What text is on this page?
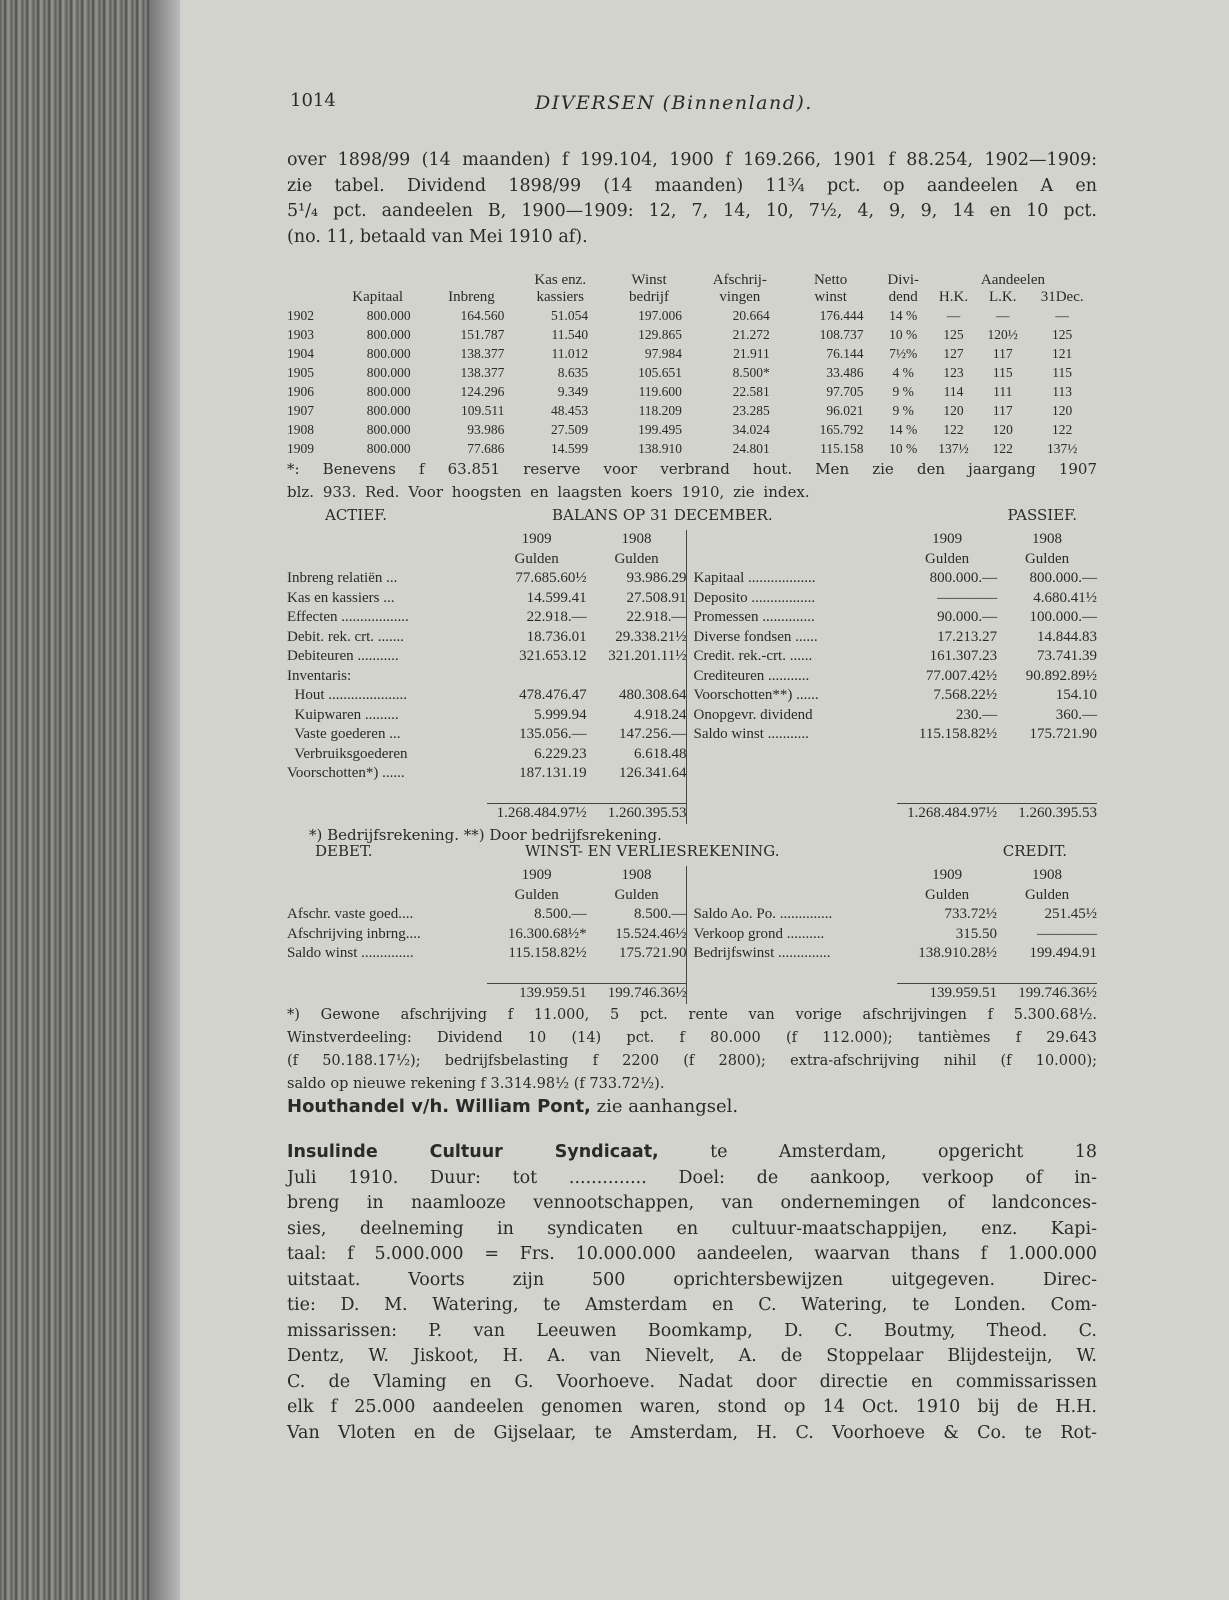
1014	DIVERSEN (Binnenland).
over 1898/99 (14 maanden) f 199.104, 1900 f 169.266, 1901 f 88.254, 1902—1909:
zie tabel. Dividend 1898/99 (14 maanden) 11¾ pct. op aandeelen A en
5¹/₄ pct. aandeelen B, 1900—1909: 12, 7, 14, 10, 7½, 4, 9, 9, 14 en 10 pct.
(no. 11, betaald van Mei 1910 af).
			Kas enz.	Winst	Afschrij-	Netto	Divi-	Aandeelen		
	Kapitaal	Inbreng	kassiers	bedrijf	vingen	winst	dend	H.K.	L.K.	31Dec.
1902	800.000	164.560	51.054	197.006	20.664	176.444	14 %	—	—	—
1903	800.000	151.787	11.540	129.865	21.272	108.737	10 %	125	120½	125
1904	800.000	138.377	11.012	97.984	21.911	76.144	7½%	127	117	121
1905	800.000	138.377	8.635	105.651	8.500*	33.486	4 %	123	115	115
1906	800.000	124.296	9.349	119.600	22.581	97.705	9 %	114	111	113
1907	800.000	109.511	48.453	118.209	23.285	96.021	9 %	120	117	120
1908	800.000	93.986	27.509	199.495	34.024	165.792	14 %	122	120	122
1909	800.000	77.686	14.599	138.910	24.801	115.158	10 %	137½	122	137½
*: Benevens f 63.851 reserve voor verbrand hout. Men zie den jaargang 1907
blz. 933. Red. Voor hoogsten en laagsten koers 1910, zie index.
ACTIEF.	BALANS OP 31 DECEMBER.	PASSIEF.
	1909	1908		1909	1908
	Gulden	Gulden		Gulden	Gulden
Inbreng relatiën ...	77.685.60½	93.986.29	Kapitaal ..................	800.000.—	800.000.—
Kas en kassiers ...	14.599.41	27.508.91	Deposito .................	————	4.680.41½
Effecten ..................	22.918.—	22.918.—	Promessen ..............	90.000.—	100.000.—
Debit. rek. crt. .......	18.736.01	29.338.21½	Diverse fondsen ......	17.213.27	14.844.83
Debiteuren ...........	321.653.12	321.201.11½	Credit. rek.-crt. ......	161.307.23	73.741.39
Inventaris:			Crediteuren ...........	77.007.42½	90.892.89½
Hout .....................	478.476.47	480.308.64	Voorschotten**) ......	7.568.22½	154.10
Kuipwaren .........	5.999.94	4.918.24	Onopgevr. dividend	230.—	360.—
Vaste goederen ...	135.056.—	147.256.—	Saldo winst ...........	115.158.82½	175.721.90
Verbruiksgoederen	6.229.23	6.618.48			
Voorschotten*) ......	187.131.19	126.341.64			

	1.268.484.97½	1.260.395.53		1.268.484.97½	1.260.395.53
*) Bedrijfsrekening. **) Door bedrijfsrekening.
DEBET.	WINST- EN VERLIESREKENING.	CREDIT.
	1909	1908		1909	1908
	Gulden	Gulden		Gulden	Gulden
Afschr. vaste goed....	8.500.—	8.500.—	Saldo Ao. Po. ..............	733.72½	251.45½
Afschrijving inbrng....	16.300.68½*	15.524.46½	Verkoop grond ..........	315.50	————
Saldo winst ..............	115.158.82½	175.721.90	Bedrijfswinst ..............	138.910.28½	199.494.91

	139.959.51	199.746.36½		139.959.51	199.746.36½
*) Gewone afschrijving f 11.000, 5 pct. rente van vorige afschrijvingen f 5.300.68½.
Winstverdeeling: Dividend 10 (14) pct. f 80.000 (f 112.000); tantièmes f 29.643
(f 50.188.17½); bedrijfsbelasting f 2200 (f 2800); extra-afschrijving nihil (f 10.000);
saldo op nieuwe rekening f 3.314.98½ (f 733.72½).
Houthandel v/h. William Pont, zie aanhangsel.
Insulinde Cultuur Syndicaat, te Amsterdam, opgericht 18
Juli 1910. Duur: tot .............. Doel: de aankoop, verkoop of in-
breng in naamlooze vennootschappen, van ondernemingen of landconces-
sies, deelneming in syndicaten en cultuur-maatschappijen, enz. Kapi-
taal: f 5.000.000 = Frs. 10.000.000 aandeelen, waarvan thans f 1.000.000
uitstaat. Voorts zijn 500 oprichtersbewijzen uitgegeven. Direc-
tie: D. M. Watering, te Amsterdam en C. Watering, te Londen. Com-
missarissen: P. van Leeuwen Boomkamp, D. C. Boutmy, Theod. C.
Dentz, W. Jiskoot, H. A. van Nievelt, A. de Stoppelaar Blijdesteijn, W.
C. de Vlaming en G. Voorhoeve. Nadat door directie en commissarissen
elk f 25.000 aandeelen genomen waren, stond op 14 Oct. 1910 bij de H.H.
Van Vloten en de Gijselaar, te Amsterdam, H. C. Voorhoeve & Co. te Rot-
